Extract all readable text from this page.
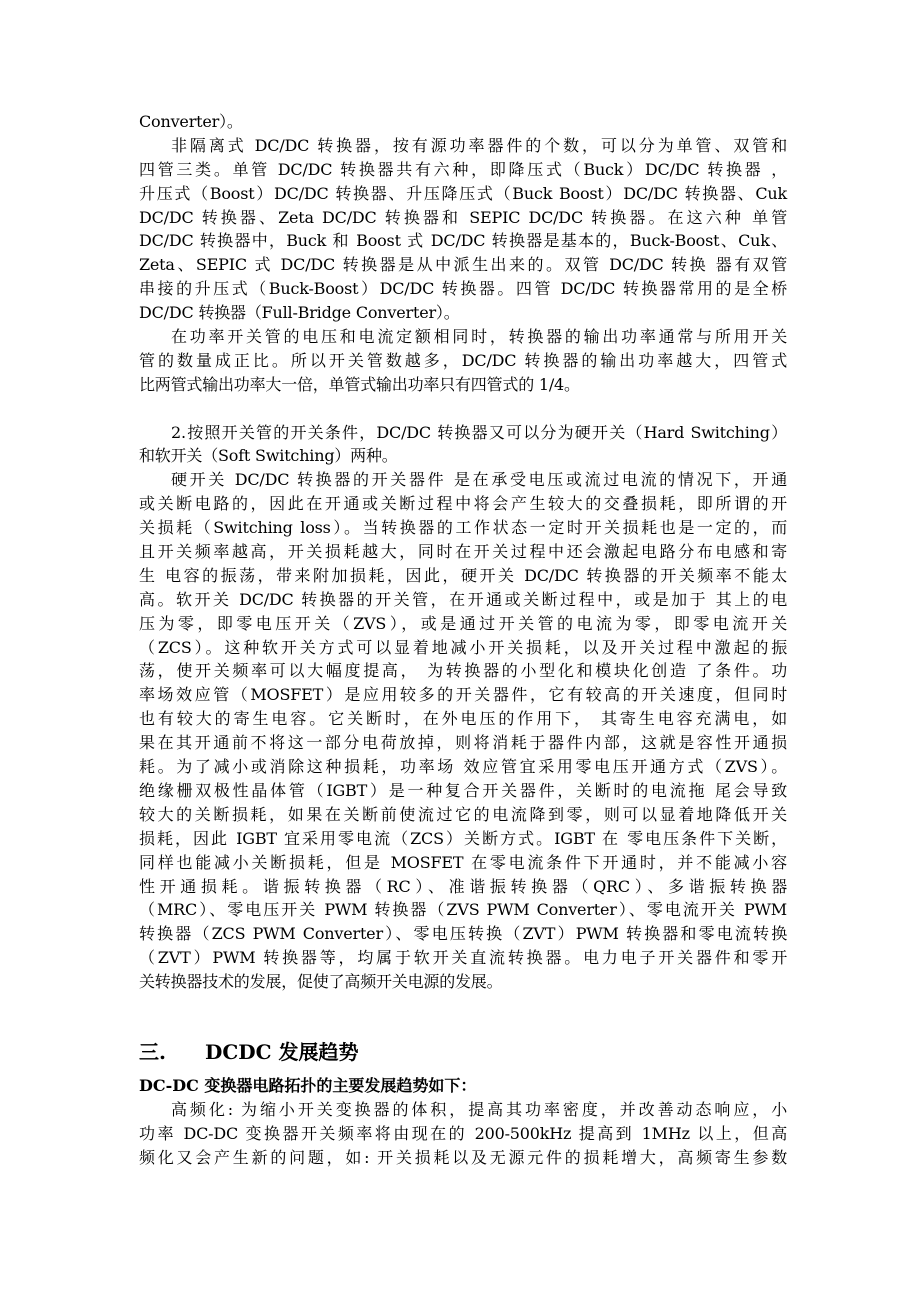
Converter）。
非隔离式 DC/DC 转换器，按有源功率器件的个数，可以分为单管、双管和
四管三类。单管 DC/DC 转换器共有六种，即降压式（Buck）DC/DC 转换器 ，
升压式（Boost）DC/DC 转换器、升压降压式（Buck Boost）DC/DC 转换器、Cuk
DC/DC 转换器、Zeta DC/DC 转换器和 SEPIC DC/DC 转换器。在这六种 单管
DC/DC 转换器中，Buck 和 Boost 式 DC/DC 转换器是基本的，Buck-Boost、Cuk、
Zeta、SEPIC 式 DC/DC 转换器是从中派生出来的。双管 DC/DC 转换 器有双管
串接的升压式（Buck-Boost）DC/DC 转换器。四管 DC/DC 转换器常用的是全桥
DC/DC 转换器（Full-Bridge Converter）。
在功率开关管的电压和电流定额相同时，转换器的输出功率通常与所用开关
管的数量成正比。所以开关管数越多，DC/DC 转换器的输出功率越大，四管式
比两管式输出功率大一倍，单管式输出功率只有四管式的 1/4。
2.按照开关管的开关条件，DC/DC 转换器又可以分为硬开关（Hard Switching）
和软开关（Soft Switching）两种。
硬开关 DC/DC 转换器的开关器件 是在承受电压或流过电流的情况下，开通
或关断电路的，因此在开通或关断过程中将会产生较大的交叠损耗，即所谓的开
关损耗（Switching loss）。当转换器的工作状态一定时开关损耗也是一定的，而
且开关频率越高，开关损耗越大，同时在开关过程中还会激起电路分布电感和寄
生 电容的振荡，带来附加损耗，因此，硬开关 DC/DC 转换器的开关频率不能太
高。软开关 DC/DC 转换器的开关管，在开通或关断过程中，或是加于 其上的电
压为零，即零电压开关（ZVS），或是通过开关管的电流为零，即零电流开关
（ZCS）。这种软开关方式可以显着地减小开关损耗，以及开关过程中激起的振
荡，使开关频率可以大幅度提高， 为转换器的小型化和模块化创造 了条件。功
率场效应管（MOSFET）是应用较多的开关器件，它有较高的开关速度，但同时
也有较大的寄生电容。它关断时，在外电压的作用下， 其寄生电容充满电，如
果在其开通前不将这一部分电荷放掉，则将消耗于器件内部，这就是容性开通损
耗。为了减小或消除这种损耗，功率场 效应管宜采用零电压开通方式（ZVS）。
绝缘栅双极性晶体管（IGBT）是一种复合开关器件，关断时的电流拖 尾会导致
较大的关断损耗，如果在关断前使流过它的电流降到零，则可以显着地降低开关
损耗，因此 IGBT 宜采用零电流（ZCS）关断方式。IGBT 在 零电压条件下关断，
同样也能减小关断损耗，但是 MOSFET 在零电流条件下开通时，并不能减小容
性开通损耗。谐振转换器（RC）、准谐振转换器（QRC）、多谐振转换器
（MRC）、零电压开关 PWM 转换器（ZVS PWM Converter）、零电流开关 PWM
转换器（ZCS PWM Converter）、零电压转换（ZVT）PWM 转换器和零电流转换
（ZVT）PWM 转换器等，均属于软开关直流转换器。电力电子开关器件和零开
关转换器技术的发展，促使了高频开关电源的发展。
三. DCDC 发展趋势
DC-DC 变换器电路拓扑的主要发展趋势如下：
高频化: 为缩小开关变换器的体积，提高其功率密度，并改善动态响应，小
功率 DC-DC 变换器开关频率将由现在的 200-500kHz 提高到 1MHz 以上，但高
频化又会产生新的问题，如: 开关损耗以及无源元件的损耗增大，高频寄生参数
